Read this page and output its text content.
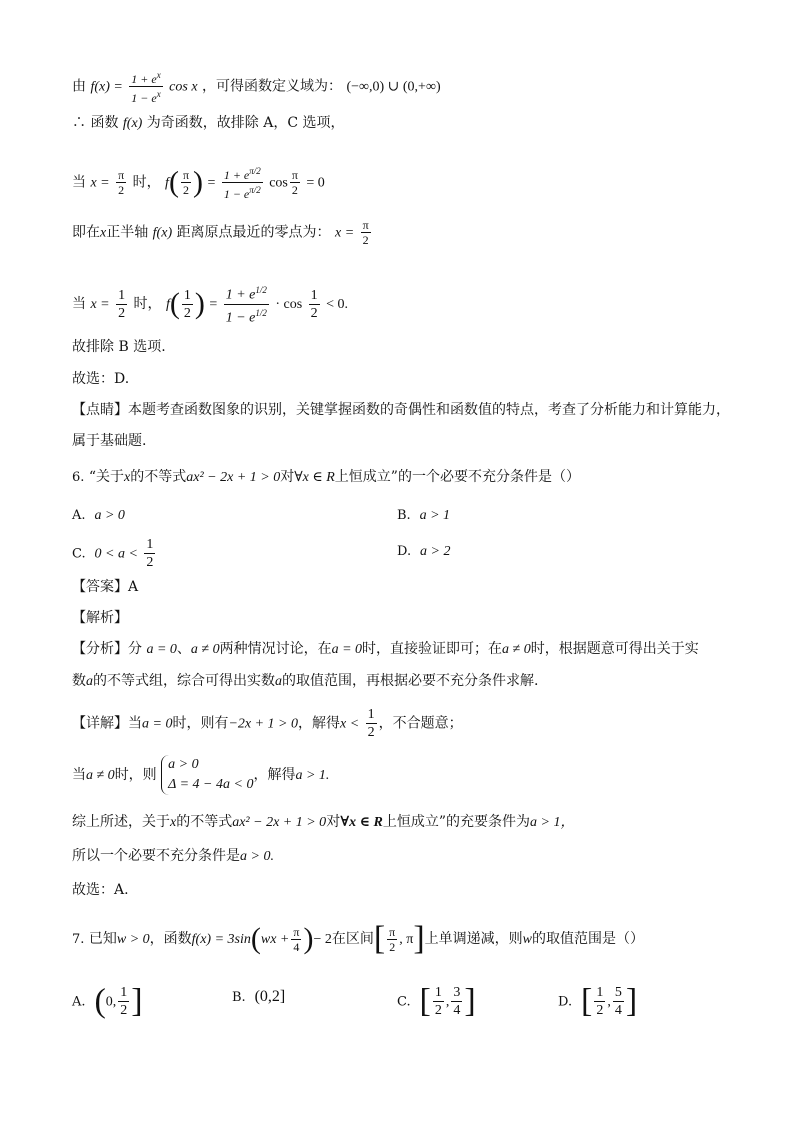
由 $f(x) = \frac{1 + e^x}{1 - e^x}$ cos x ，可得函数定义域为： (−∞,0) ∪ (0,+∞)
∴ 函数 f(x) 为奇函数，故排除 A，C 选项，
当 $x = \frac{\pi}{2}$ 时， $f( \frac{\pi}{2}$ ) = $\frac{1 + e^{\pi/2}}{1 - e^{\pi/2}}$ $\cos \frac{\pi}{2} = 0$
即在x正半轴 f(x) 距离原点最近的零点为： $x = \frac{\pi}{2}$
当 $x = \frac{1}{2}$ 时， $f( \frac{1}{2}$ ) = $\frac{1 + e^{1/2}}{1 - e^{1/2}} \cdot \cos \frac{1}{2} < 0$.
故排除 B 选项.
故选：D.
【点睛】本题考查函数图象的识别，关键掌握函数的奇偶性和函数值的特点，考查了分析能力和计算能力，
属于基础题.
6. “关于x的不等式ax² − 2x + 1 > 0对∀x ∈ R上恒成立”的一个必要不充分条件是（）
A. a > 0	B. a > 1
C. $0 < a < \frac{1}{2}$	D. a > 2
【答案】A
【解析】
【分析】分 a = 0、a ≠ 0两种情况讨论，在a = 0时，直接验证即可；在a ≠ 0时，根据题意可得出关于实
数a的不等式组，综合可得出实数a的取值范围，再根据必要不充分条件求解.
【详解】当a = 0时，则有−2x + 1 > 0，解得$x < \frac{1}{2}$ ，不合题意；
当a ≠ 0时，则
a > 0
Δ = 4 − 4a < 0
，解得a > 1.
综上所述，关于x的不等式ax² − 2x + 1 > 0对∀x ∈ R上恒成立”的充要条件为a > 1，
所以一个必要不充分条件是a > 0.
故选：A.
7. 已知w > 0，函数$f(x) = 3\sin(wx + \frac{\pi}{4}$ )− 2在区间[ $\frac{\pi}{2}$ , π]上单调递减，则w的取值范围是（）
A. (0, $\frac{1}{2}$ ]	B. (0,2]	C. [ $\frac{1}{2}$ , $\frac{3}{4}$ ]	D. [ $\frac{1}{2}$ , $\frac{5}{4}$ ]
